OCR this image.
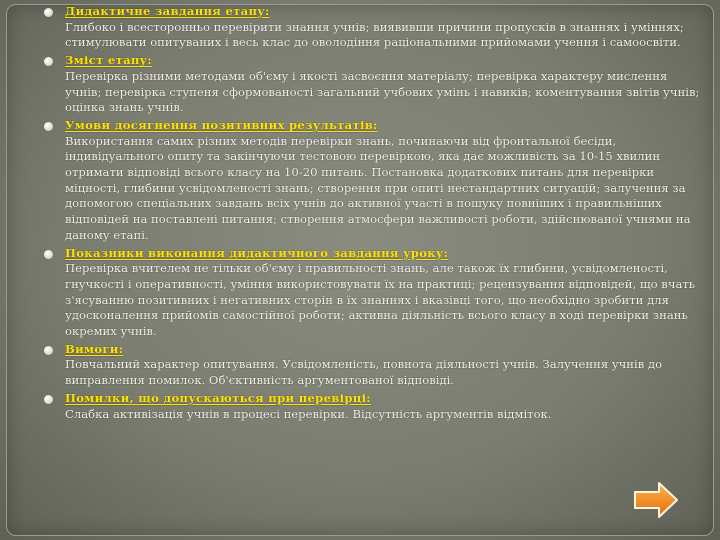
Дидактичне завдання етапу:
Глибоко і всесторонньо перевірити знання учнів; виявивши причини пропусків в знаннях і уміннях; стимулювати опитуваних і весь клас до оволодіння раціональними прийомами учення і самоосвіти.
Зміст етапу:
Перевірка різними методами об'єму і якості засвоєння матеріалу; перевірка характеру мислення учнів; перевірка ступеня сформованості загальний учбових умінь і навиків; коментування звітів учнів; оцінка знань учнів.
Умови досягнення позитивних результатів:
Використання самих різних методів перевірки знань, починаючи від фронтальної бесіди, індивідуального опиту та закінчуючи тестовою перевіркою, яка дає можливість за 10-15 хвилин отримати відповіді всього класу на 10-20 питань. Постановка додаткових питань для перевірки міцності, глибини усвідомленості знань; створення при опиті нестандартних ситуацій; залучення за допомогою спеціальних завдань всіх учнів до активної участі в пошуку повніших і правильніших відповідей на поставлені питання; створення атмосфери важливості роботи, здійснюваної учнями на даному етапі.
Показники виконання дидактичного завдання уроку:
Перевірка вчителем не тільки об'єму і правильності знань, але також їх глибини, усвідомленості, гнучкості і оперативності, уміння використовувати їх на практиці; рецензування відповідей, що вчать з'ясуванню позитивних і негативних сторін в їх знаннях і вказівці того, що необхідно зробити для удосконалення прийомів самостійної роботи; активна діяльність всього класу в ході перевірки знань окремих учнів.
Вимоги:
Повчальний характер опитування. Усвідомленість, повнота діяльності учнів. Залучення учнів до виправлення помилок. Об'єктивність аргументованої відповіді.
Помилки, що допускаються при перевірці:
Слабка активізація учнів в процесі перевірки. Відсутність аргументів відміток.
